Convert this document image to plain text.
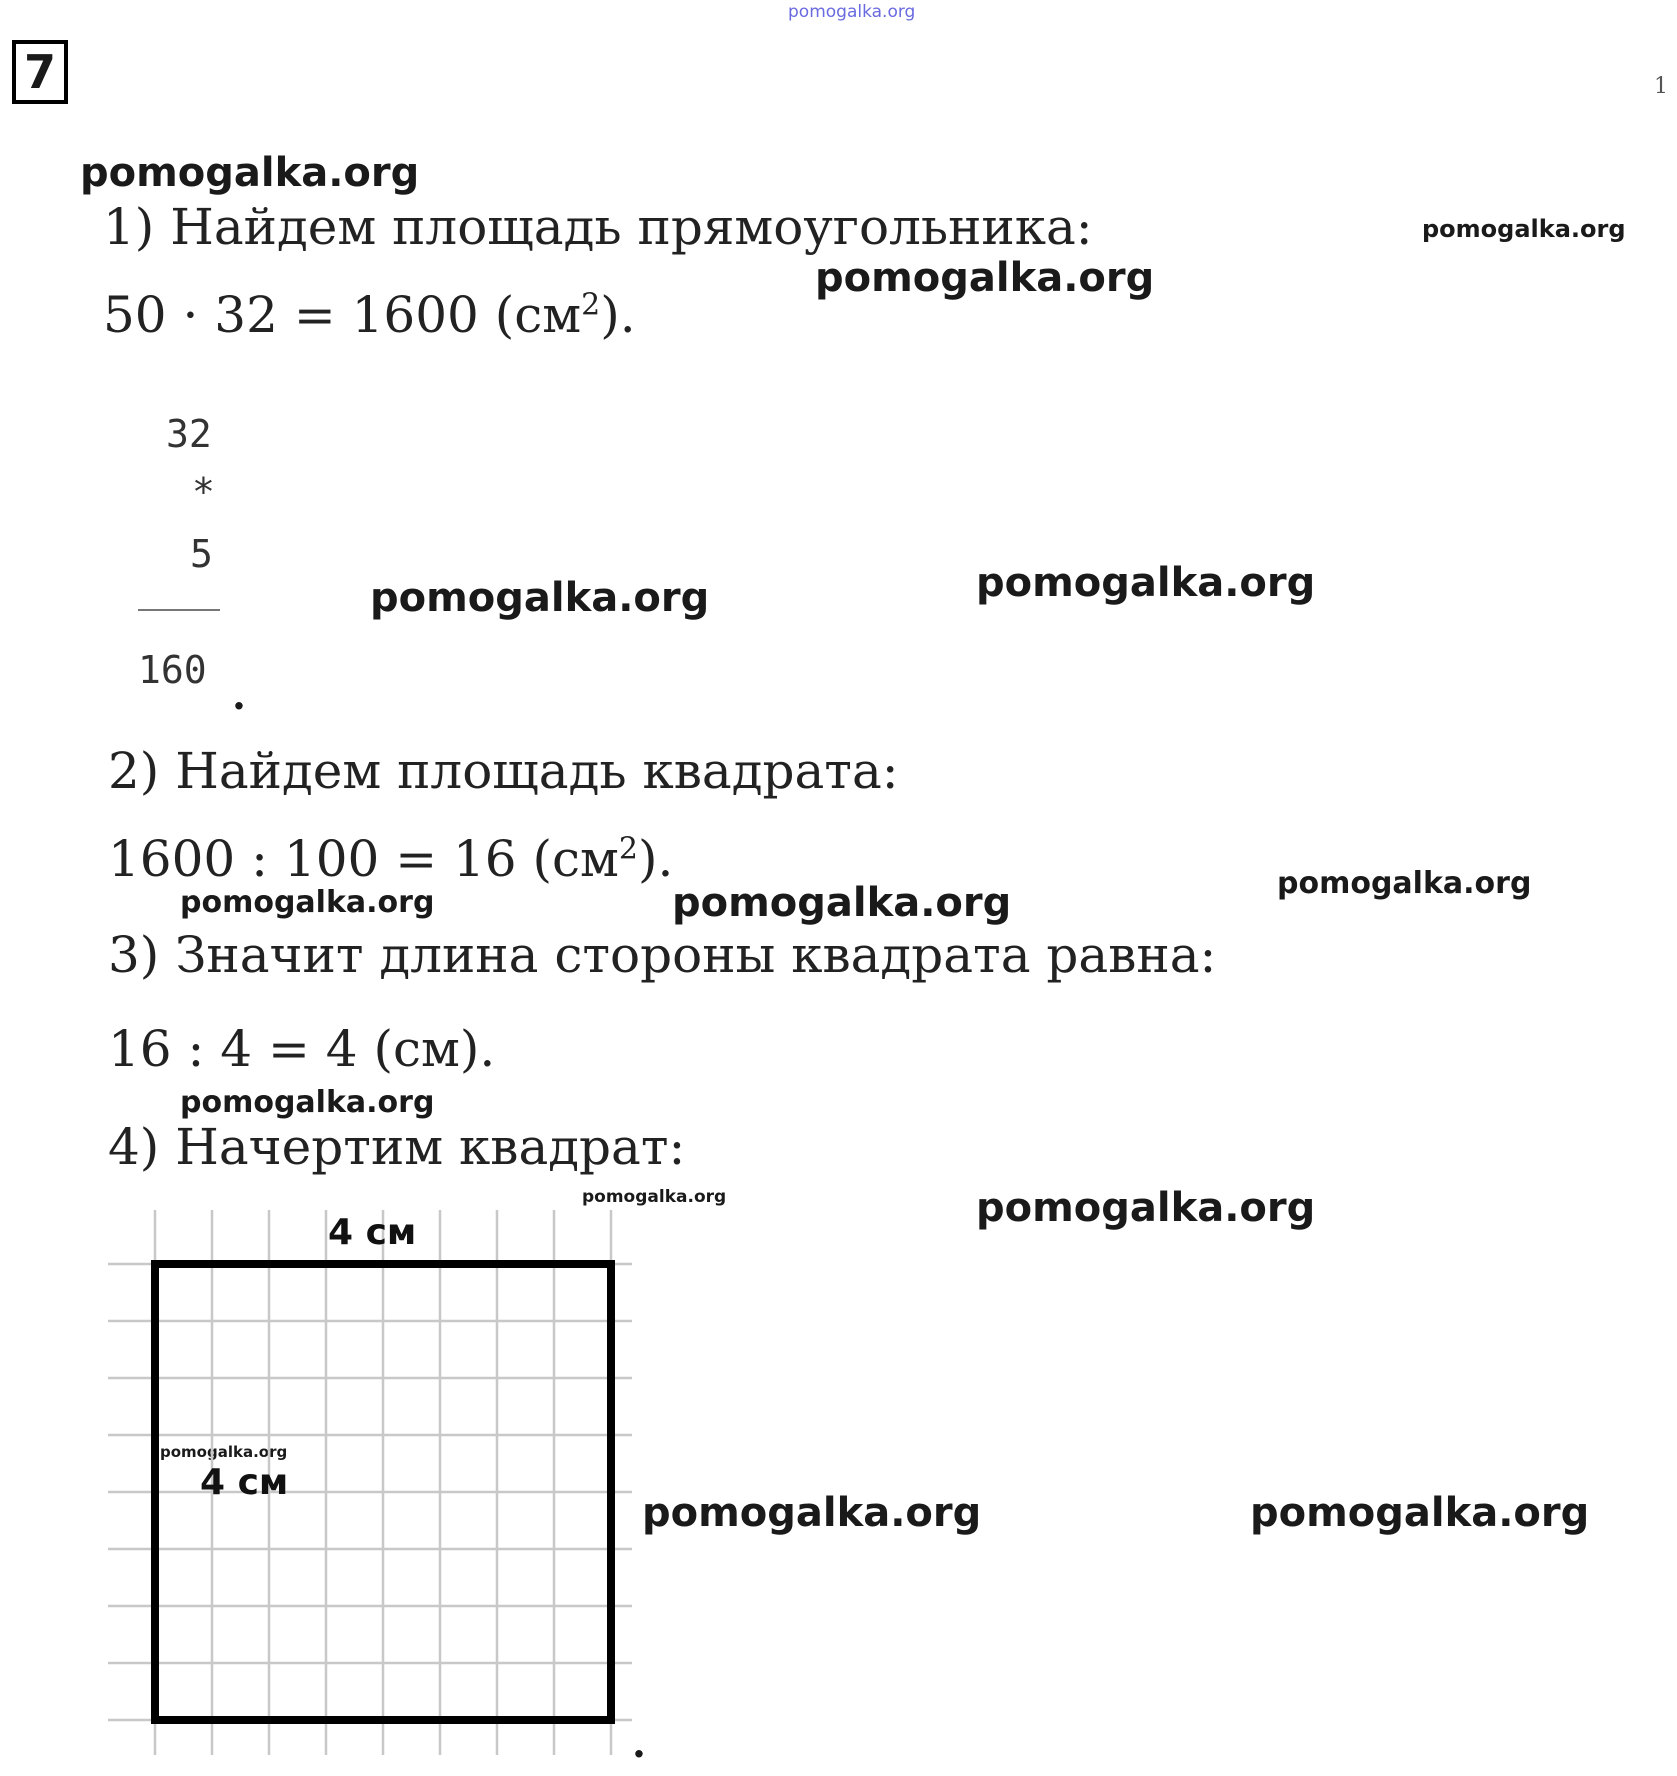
pomogalka.org
7	1
pomogalka.org
pomogalka.org
pomogalka.org
pomogalka.org	pomogalka.org
pomogalka.org	pomogalka.org	pomogalka.org
pomogalka.org
pomogalka.org	pomogalka.org
pomogalka.org
pomogalka.org	pomogalka.org
1) Найдем площадь прямоугольника:
50 · 32 = 1600 $(см^2)$.
32
*
5
160
.
2) Найдем площадь квадрата:
1600 : 100 = 16 $(см^2)$.
3) Значит длина стороны квадрата равна:
16 : 4 = 4 (см).
4) Начертим квадрат:
4 см
4 см
.
